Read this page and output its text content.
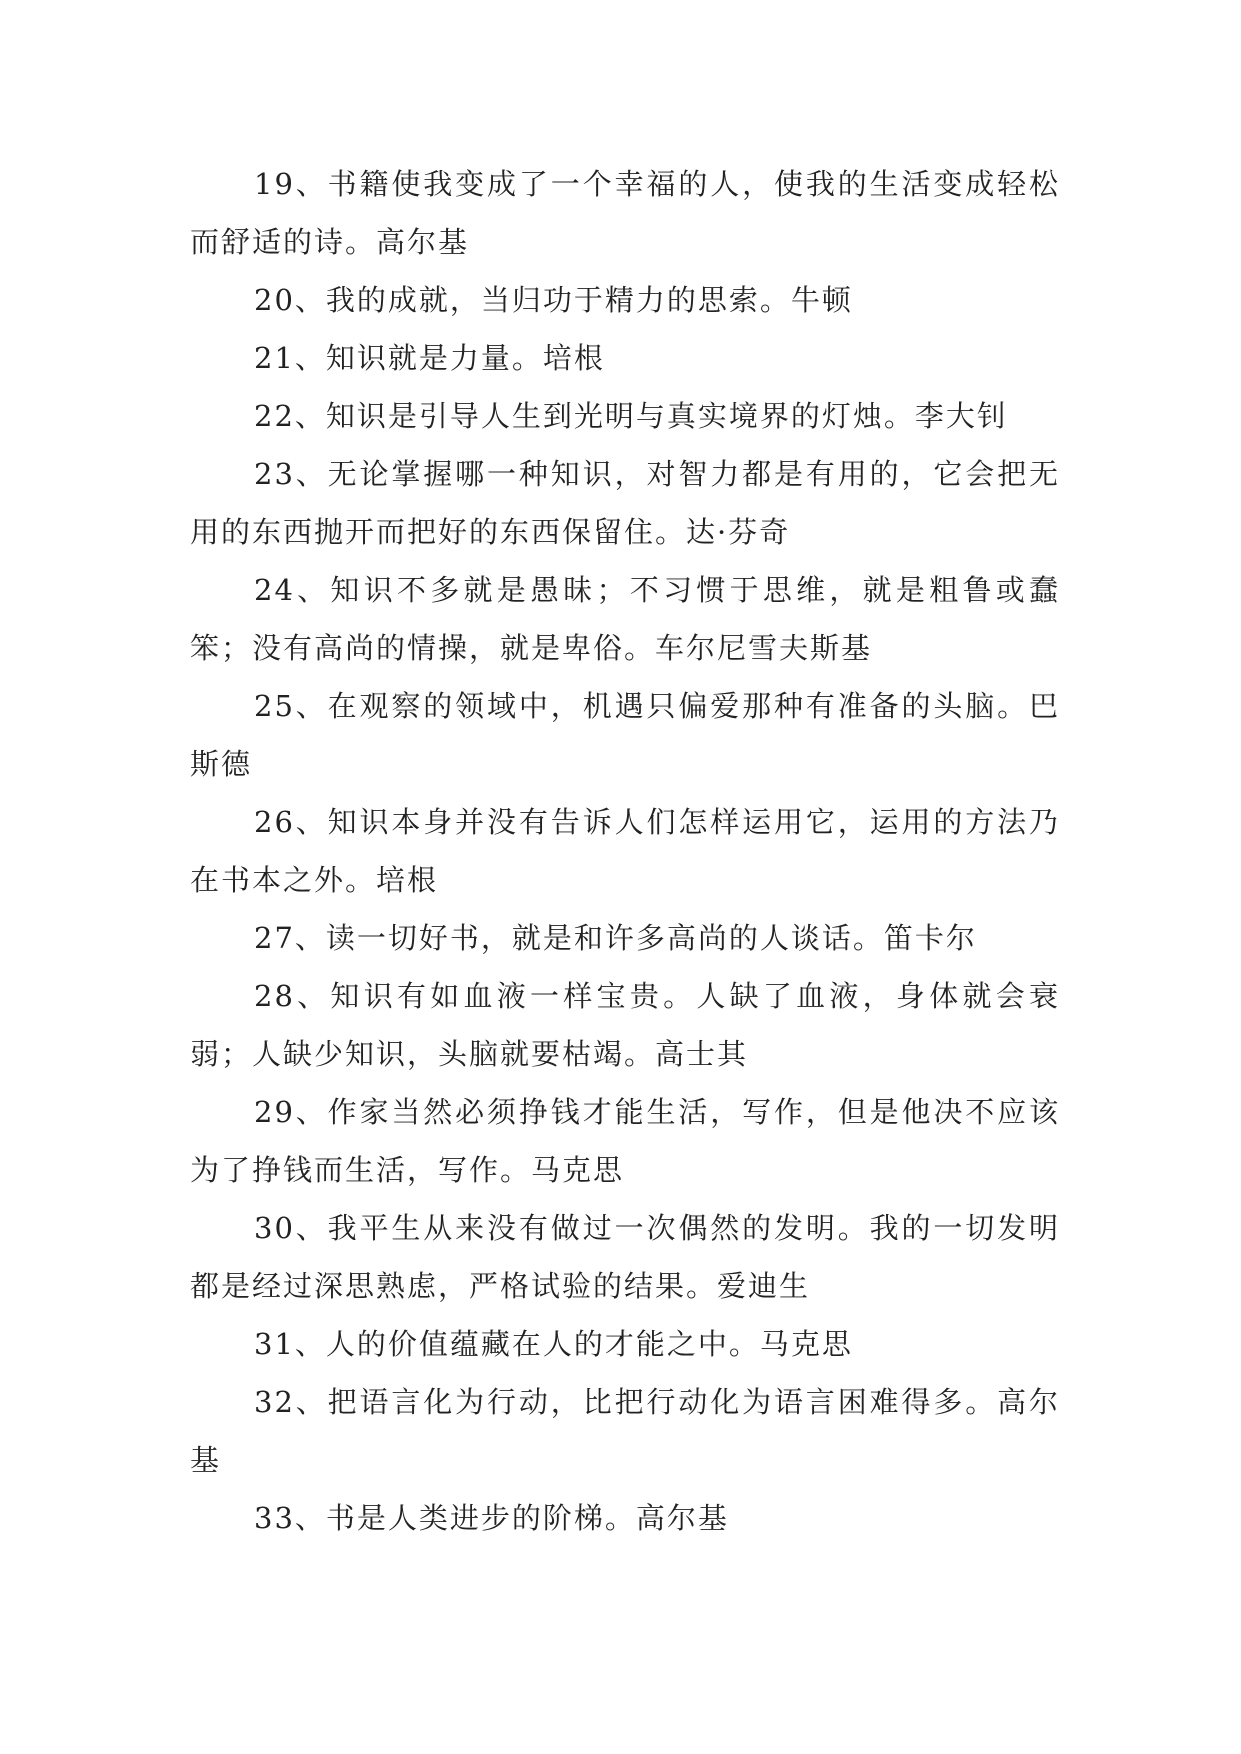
19、书籍使我变成了一个幸福的人，使我的生活变成轻松而舒适的诗。高尔基

20、我的成就，当归功于精力的思索。牛顿

21、知识就是力量。培根

22、知识是引导人生到光明与真实境界的灯烛。李大钊

23、无论掌握哪一种知识，对智力都是有用的，它会把无用的东西抛开而把好的东西保留住。达·芬奇

24、知识不多就是愚昧；不习惯于思维，就是粗鲁或蠢笨；没有高尚的情操，就是卑俗。车尔尼雪夫斯基

25、在观察的领域中，机遇只偏爱那种有准备的头脑。巴斯德

26、知识本身并没有告诉人们怎样运用它，运用的方法乃在书本之外。培根

27、读一切好书，就是和许多高尚的人谈话。笛卡尔

28、知识有如血液一样宝贵。人缺了血液，身体就会衰弱；人缺少知识，头脑就要枯竭。高士其

29、作家当然必须挣钱才能生活，写作，但是他决不应该为了挣钱而生活，写作。马克思

30、我平生从来没有做过一次偶然的发明。我的一切发明都是经过深思熟虑，严格试验的结果。爱迪生

31、人的价值蕴藏在人的才能之中。马克思

32、把语言化为行动，比把行动化为语言困难得多。高尔基

33、书是人类进步的阶梯。高尔基
